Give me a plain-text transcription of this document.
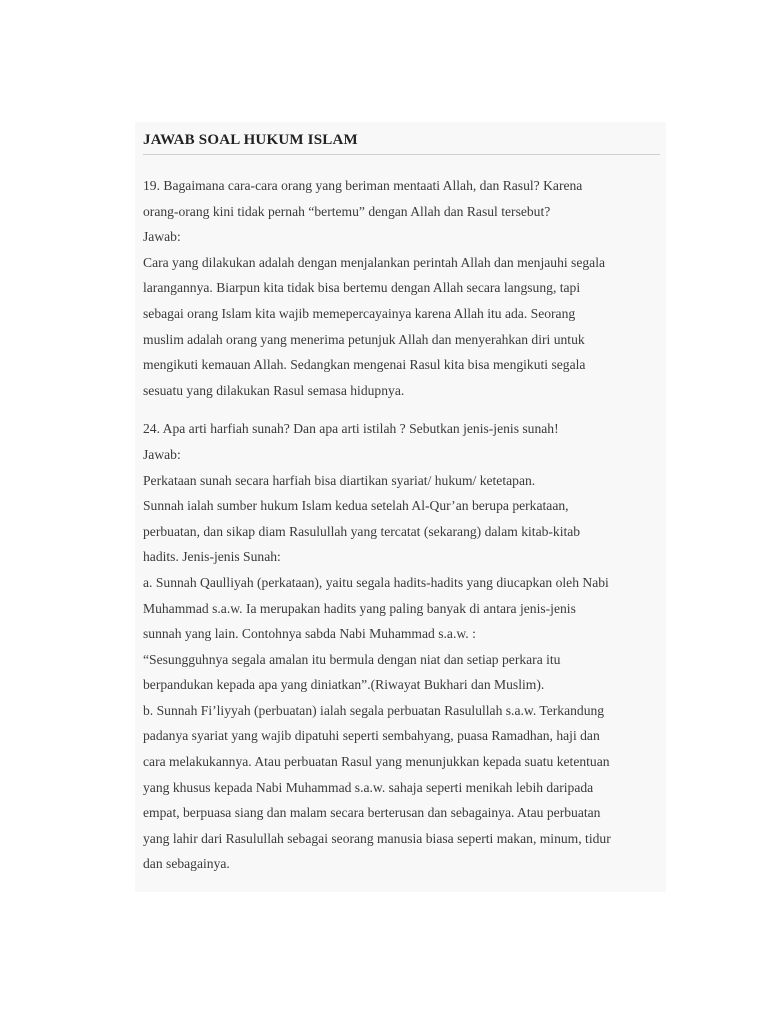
JAWAB SOAL HUKUM ISLAM
19. Bagaimana cara-cara orang yang beriman mentaati Allah, dan Rasul? Karena
orang-orang kini tidak pernah “bertemu” dengan Allah dan Rasul tersebut?
Jawab:
Cara yang dilakukan adalah dengan menjalankan perintah Allah dan menjauhi segala
larangannya. Biarpun kita tidak bisa bertemu dengan Allah secara langsung, tapi
sebagai orang Islam kita wajib memepercayainya karena Allah itu ada. Seorang
muslim adalah orang yang menerima petunjuk Allah dan menyerahkan diri untuk
mengikuti kemauan Allah. Sedangkan mengenai Rasul kita bisa mengikuti segala
sesuatu yang dilakukan Rasul semasa hidupnya.
24. Apa arti harfiah sunah? Dan apa arti istilah ? Sebutkan jenis-jenis sunah!
Jawab:
Perkataan sunah secara harfiah bisa diartikan syariat/ hukum/ ketetapan.
Sunnah ialah sumber hukum Islam kedua setelah Al-Qur’an berupa perkataan,
perbuatan, dan sikap diam Rasulullah yang tercatat (sekarang) dalam kitab-kitab
hadits. Jenis-jenis Sunah:
a. Sunnah Qaulliyah (perkataan), yaitu segala hadits-hadits yang diucapkan oleh Nabi
Muhammad s.a.w. Ia merupakan hadits yang paling banyak di antara jenis-jenis
sunnah yang lain. Contohnya sabda Nabi Muhammad s.a.w. :
“Sesungguhnya segala amalan itu bermula dengan niat dan setiap perkara itu
berpandukan kepada apa yang diniatkan”.(Riwayat Bukhari dan Muslim).
b. Sunnah Fi’liyyah (perbuatan) ialah segala perbuatan Rasulullah s.a.w. Terkandung
padanya syariat yang wajib dipatuhi seperti sembahyang, puasa Ramadhan, haji dan
cara melakukannya. Atau perbuatan Rasul yang menunjukkan kepada suatu ketentuan
yang khusus kepada Nabi Muhammad s.a.w. sahaja seperti menikah lebih daripada
empat, berpuasa siang dan malam secara berterusan dan sebagainya. Atau perbuatan
yang lahir dari Rasulullah sebagai seorang manusia biasa seperti makan, minum, tidur
dan sebagainya.
